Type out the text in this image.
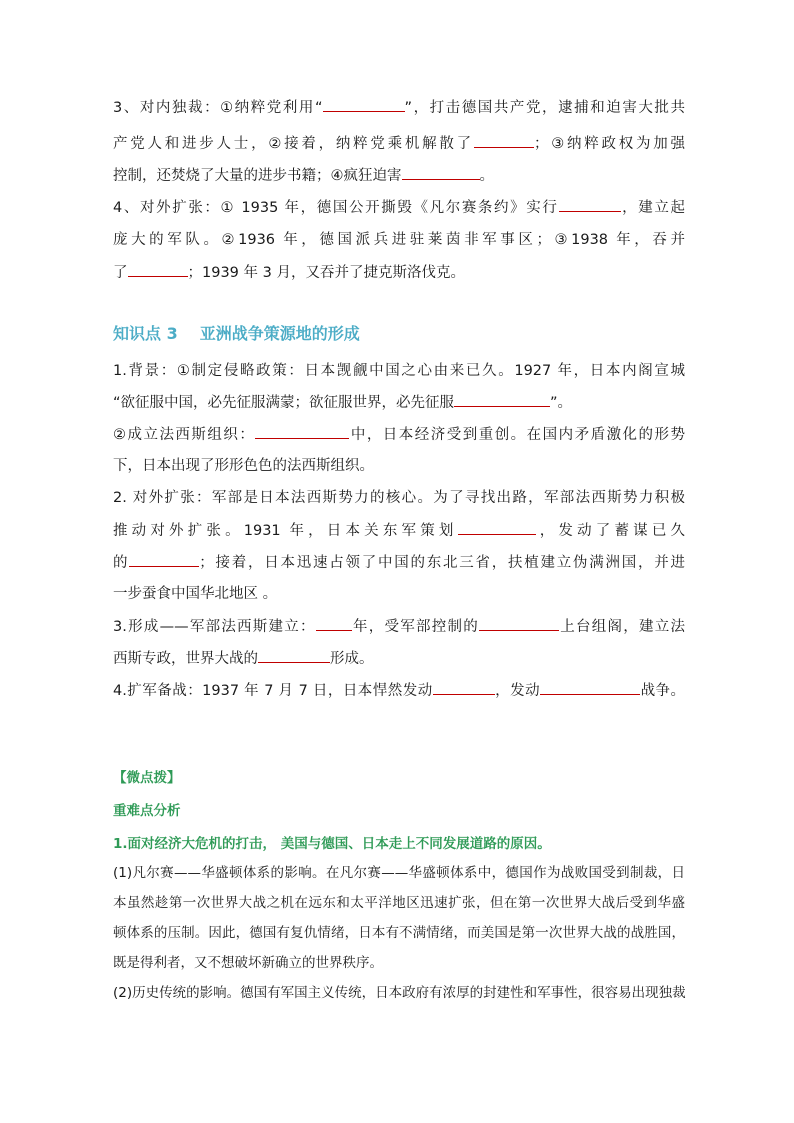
3、对内独裁：①纳粹党利用“	”，打击德国共产党，逮捕和迫害大批共
产党人和进步人士，②接着，纳粹党乘机解散了	；③纳粹政权为加强
控制，还焚烧了大量的进步书籍；④疯狂迫害	。
4、对外扩张：① 1935 年，德国公开撕毁《凡尔赛条约》实行	，建立起
庞大的军队。②1936 年，德国派兵进驻莱茵非军事区；③1938 年，吞并
了	；1939 年 3 月，又吞并了捷克斯洛伐克。
知识点 3 亚洲战争策源地的形成
1.背景：①制定侵略政策：日本觊觎中国之心由来已久。1927 年，日本内阁宣城
“欲征服中国，必先征服满蒙；欲征服世界，必先征服	”。
②成立法西斯组织：	中，日本经济受到重创。在国内矛盾激化的形势
下，日本出现了形形色色的法西斯组织。
2. 对外扩张：军部是日本法西斯势力的核心。为了寻找出路，军部法西斯势力积极
推动对外扩张。1931 年，日本关东军策划	，发动了蓄谋已久
的	；接着，日本迅速占领了中国的东北三省，扶植建立伪满洲国，并进
一步蚕食中国华北地区 。
3.形成——军部法西斯建立： 年，受军部控制的	上台组阁，建立法
西斯专政，世界大战的	形成。
4.扩军备战：1937 年 7 月 7 日，日本悍然发动	，发动	战争。
【微点拨】
重难点分析
1.面对经济大危机的打击， 美国与德国、日本走上不同发展道路的原因。
(1)凡尔赛——华盛顿体系的影响。在凡尔赛——华盛顿体系中，德国作为战败国受到制裁，日
本虽然趁第一次世界大战之机在远东和太平洋地区迅速扩张，但在第一次世界大战后受到华盛
顿体系的压制。因此，德国有复仇情绪，日本有不满情绪，而美国是第一次世界大战的战胜国，
既是得利者，又不想破坏新确立的世界秩序。
(2)历史传统的影响。德国有军国主义传统，日本政府有浓厚的封建性和军事性，很容易出现独裁
